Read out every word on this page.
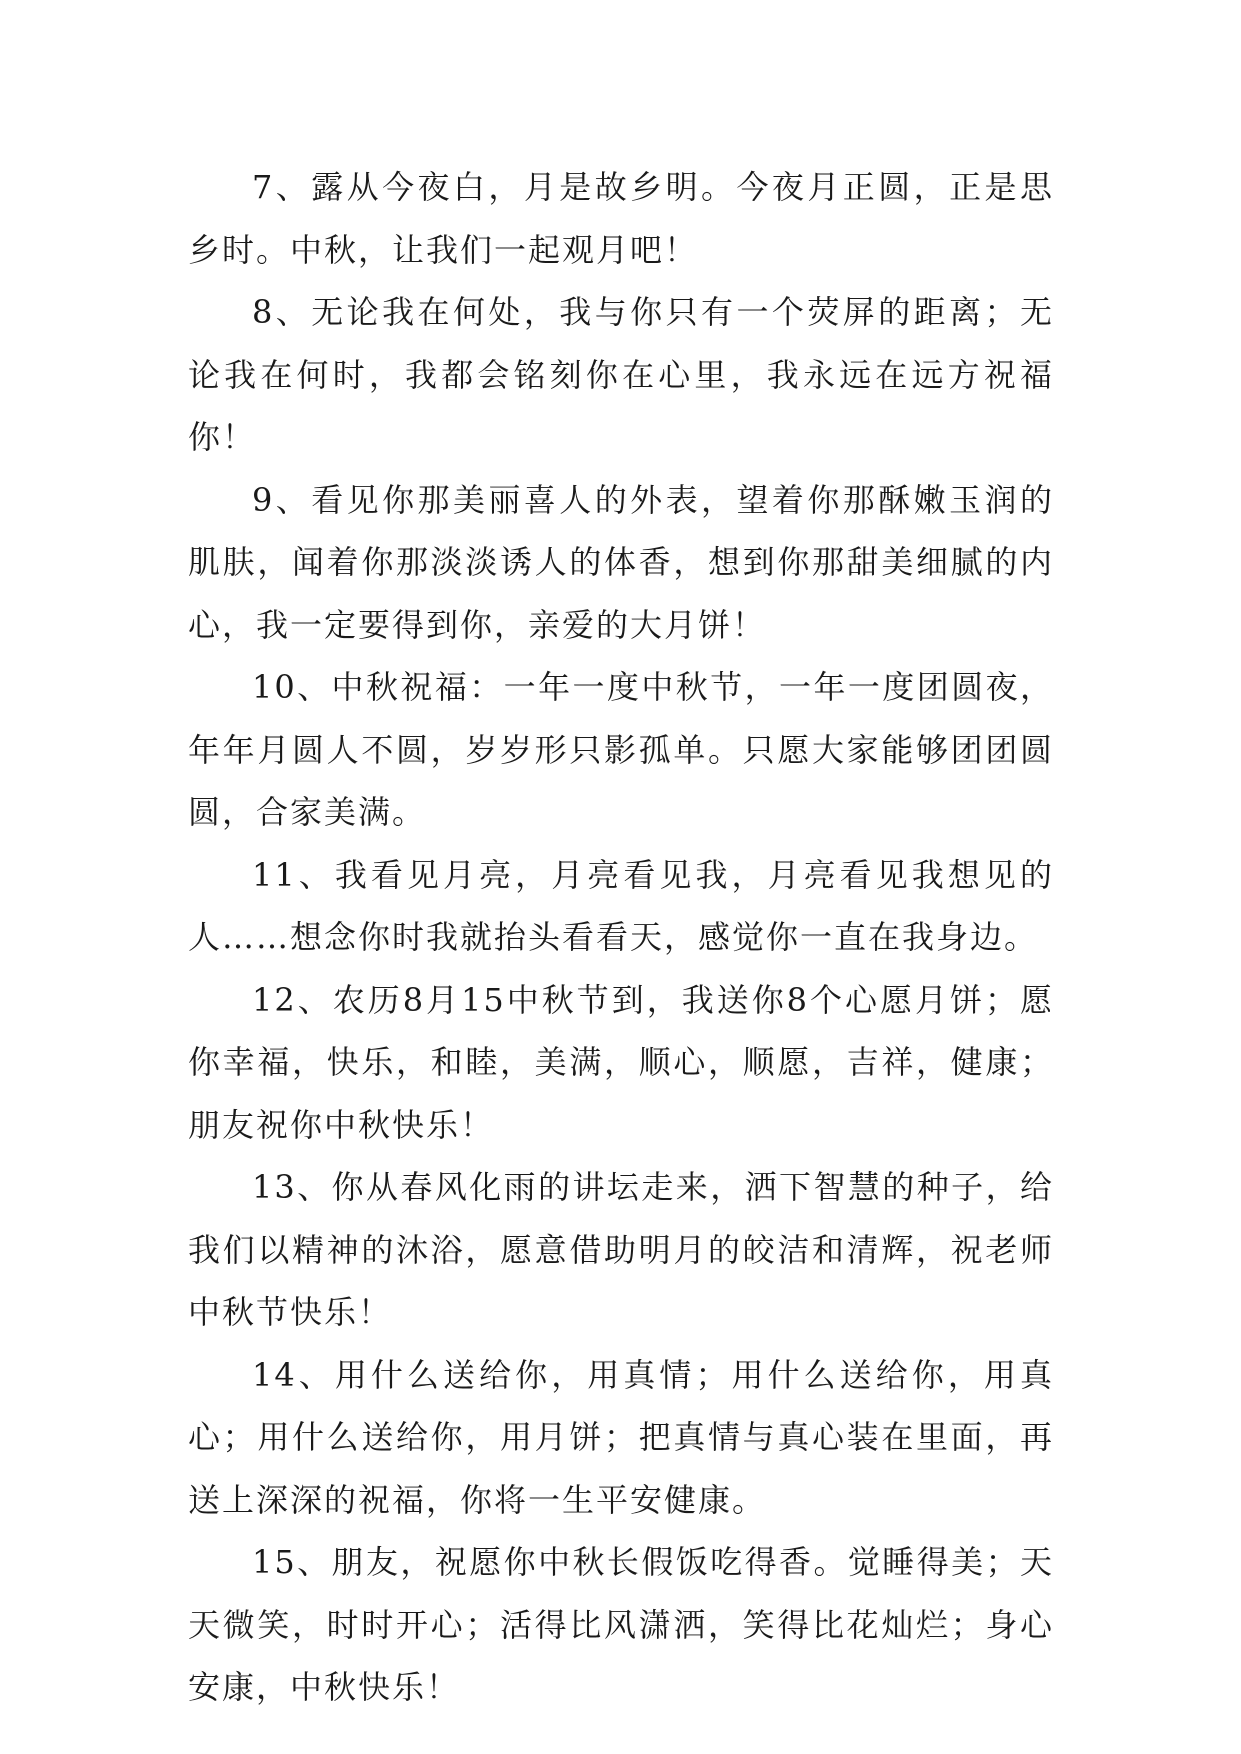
7、露从今夜白，月是故乡明。今夜月正圆，正是思乡时。中秋，让我们一起观月吧！

8、无论我在何处，我与你只有一个荧屏的距离；无论我在何时，我都会铭刻你在心里，我永远在远方祝福你！

9、看见你那美丽喜人的外表，望着你那酥嫩玉润的肌肤，闻着你那淡淡诱人的体香，想到你那甜美细腻的内心，我一定要得到你，亲爱的大月饼！

10、中秋祝福：一年一度中秋节，一年一度团圆夜，年年月圆人不圆，岁岁形只影孤单。只愿大家能够团团圆圆，合家美满。

11、我看见月亮，月亮看见我，月亮看见我想见的人……想念你时我就抬头看看天，感觉你一直在我身边。

12、农历8月15中秋节到，我送你8个心愿月饼；愿你幸福，快乐，和睦，美满，顺心，顺愿，吉祥，健康；朋友祝你中秋快乐！

13、你从春风化雨的讲坛走来，洒下智慧的种子，给我们以精神的沐浴，愿意借助明月的皎洁和清辉，祝老师中秋节快乐！

14、用什么送给你，用真情；用什么送给你，用真心；用什么送给你，用月饼；把真情与真心装在里面，再送上深深的祝福，你将一生平安健康。

15、朋友，祝愿你中秋长假饭吃得香。觉睡得美；天天微笑，时时开心；活得比风潇洒，笑得比花灿烂；身心安康，中秋快乐！
